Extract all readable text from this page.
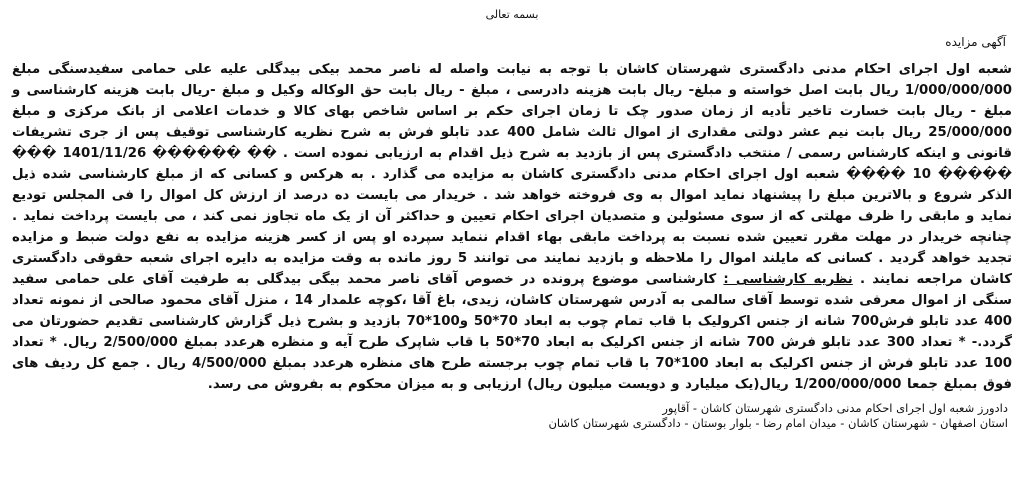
بسمه تعالی
آگهی مزایده
شعبه اول اجرای احکام مدنی دادگستری شهرستان کاشان با توجه به نیابت واصله له ناصر محمد بیکی بیدگلی علیه علی حمامی سفیدسنگی مبلغ 1/000/000/000 ریال بابت اصل خواسته و مبلغ- ریال بابت هزینه دادرسی ، مبلغ - ریال بابت حق الوکاله وکیل و مبلغ -ریال بابت هزینه کارشناسی و مبلغ - ریال بابت خسارت تاخیر تأدیه از زمان صدور چک تا زمان اجرای حکم بر اساس شاخص بهای کالا و خدمات اعلامی از بانک مرکزی و مبلغ 25/000/000 ریال بابت نیم عشر دولتی مقداری از اموال ثالث شامل 400 عدد تابلو فرش به شرح نظریه کارشناسی توقیف پس از جری تشریفات قانونی و اینکه کارشناس رسمی / منتخب دادگستری پس از بازدید به شرح ذیل اقدام به ارزیابی نموده است . �� ������ 1401/11/26 ��� ����� 10 ���� شعبه اول اجرای احکام مدنی دادگستری کاشان به مزایده می گذارد . به هرکس و کسانی که از مبلغ کارشناسی شده ذیل الذکر شروع و بالاترین مبلغ را پیشنهاد نماید اموال به وی فروخته خواهد شد . خریدار می بایست ده درصد از ارزش کل اموال را فی المجلس تودیع نماید و مابقی را ظرف مهلتی که از سوی مسئولین و متصدیان اجرای احکام تعیین و حداکثر آن از یک ماه تجاوز نمی کند ، می بایست پرداخت نماید . چنانچه خریدار در مهلت مقرر تعیین شده نسبت به پرداخت مابقی بهاء اقدام ننماید سپرده او پس از کسر هزینه مزایده به نفع دولت ضبط و مزایده تجدید خواهد گردید . کسانی که مایلند اموال را ملاحظه و بازدید نمایند می توانند 5 روز مانده به وقت مزایده به دایره اجرای شعبه حقوقی دادگستری کاشان مراجعه نمایند . نظریه کارشناسی : کارشناسی موضوع پرونده در خصوص آقای ناصر محمد بیگی بیدگلی به طرفیت آقای علی حمامی سفید سنگی از اموال معرفی شده توسط آقای سالمی به آدرس شهرستان کاشان، زیدی، باغ آقا ،کوچه علمدار 14 ، منزل آقای محمود صالحی از نمونه تعداد 400 عدد تابلو فرش700 شانه از جنس اکرولیک با قاب تمام چوب به ابعاد 70*50 و100*70 بازدید و بشرح ذیل گزارش کارشناسی تقدیم حضورتان می گردد.- * تعداد 300 عدد تابلو فرش 700 شانه از جنس اکرلیک به ابعاد 70*50 با قاب شاپرک طرح آیه و منظره هرعدد بمبلغ 2/500/000 ریال. * تعداد 100 عدد تابلو فرش از جنس اکرلیک به ابعاد 100*70 با قاب تمام چوب برجسته طرح های منظره هرعدد بمبلغ 4/500/000 ریال . جمع کل ردیف های فوق بمبلغ جمعا 1/200/000/000 ریال(یک میلیارد و دویست میلیون ریال) ارزیابی و به میزان محکوم به بفروش می رسد.
دادورز شعبه اول اجرای احکام مدنی دادگستری شهرستان کاشان - آقاپور
استان اصفهان - شهرستان کاشان - میدان امام رضا - بلوار بوستان - دادگستری شهرستان کاشان
